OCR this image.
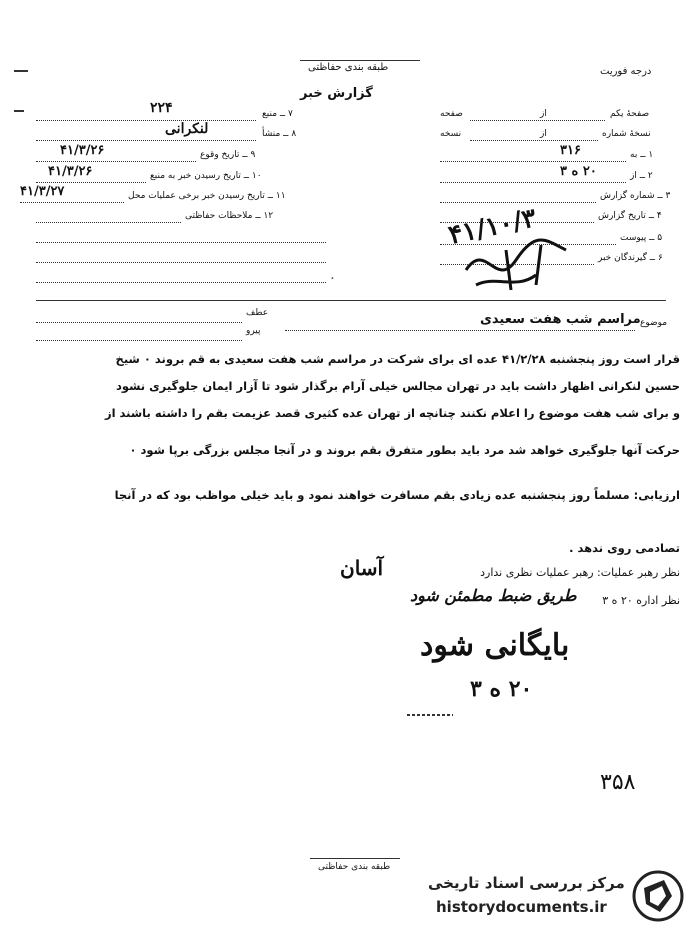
طبقه بندی حفاظتی
گزارش خبر
درجه فوریت
۷ ــ منبع
۲۲۴
۸ ــ منشأ
لنکرانی
۹ ــ تاریخ وقوع
۴۱/۳/۲۶
۱۰ ــ تاریخ رسیدن خبر به منبع
۴۱/۳/۲۶
۱۱ ــ تاریخ رسیدن خبر برخی عملیات محل
۴۱/۳/۲۷
۱۲ ــ ملاحظات حفاظتی
صفحهٔ یکم
از
صفحه
نسخهٔ شماره
از
نسخه
۱ ــ به
۳۱۶
۲ ــ از
۲۰ ه ۳
۳ ــ شماره گزارش
۴ ــ تاریخ گزارش
۵ ــ پیوست
۶ ــ گیرندگان خبر
۴۱/۱۰/۳
موضوع
مراسم شب هفت سعیدی
عطف
پیرو
قرار است روز پنجشنبه ۴۱/۲/۲۸ عده ای برای شرکت در مراسم شب هفت سعیدی به قم بروند ۰ شیخ
حسین لنکرانی اظهار داشت باید در تهران مجالس خیلی آرام برگذار شود تا آزار ایمان جلوگیری نشود
و برای شب هفت موضوع را اعلام نکنند چنانچه از تهران عده کثیری قصد عزیمت بقم را داشته باشند از
حرکت آنها جلوگیری خواهد شد مرد باید بطور متفرق بقم بروند و در آنجا مجلس بزرگی برپا شود ۰
ارزیابی: مسلماً روز پنجشنبه عده زیادی بقم مسافرت خواهند نمود و باید خیلی مواظب بود که در آنجا
تصادمی روی ندهد .
نظر رهبر عملیات: رهبر عملیات نظری ندارد
آسان
نظر اداره ۲۰ ه ۳
طریق ضبط مطمئن شود
بایگانی شود
۲۰ ه ۳
۳۵۸
طبقه بندی حفاظتی
مرکز بررسی اسناد تاریخی
historydocuments.ir
